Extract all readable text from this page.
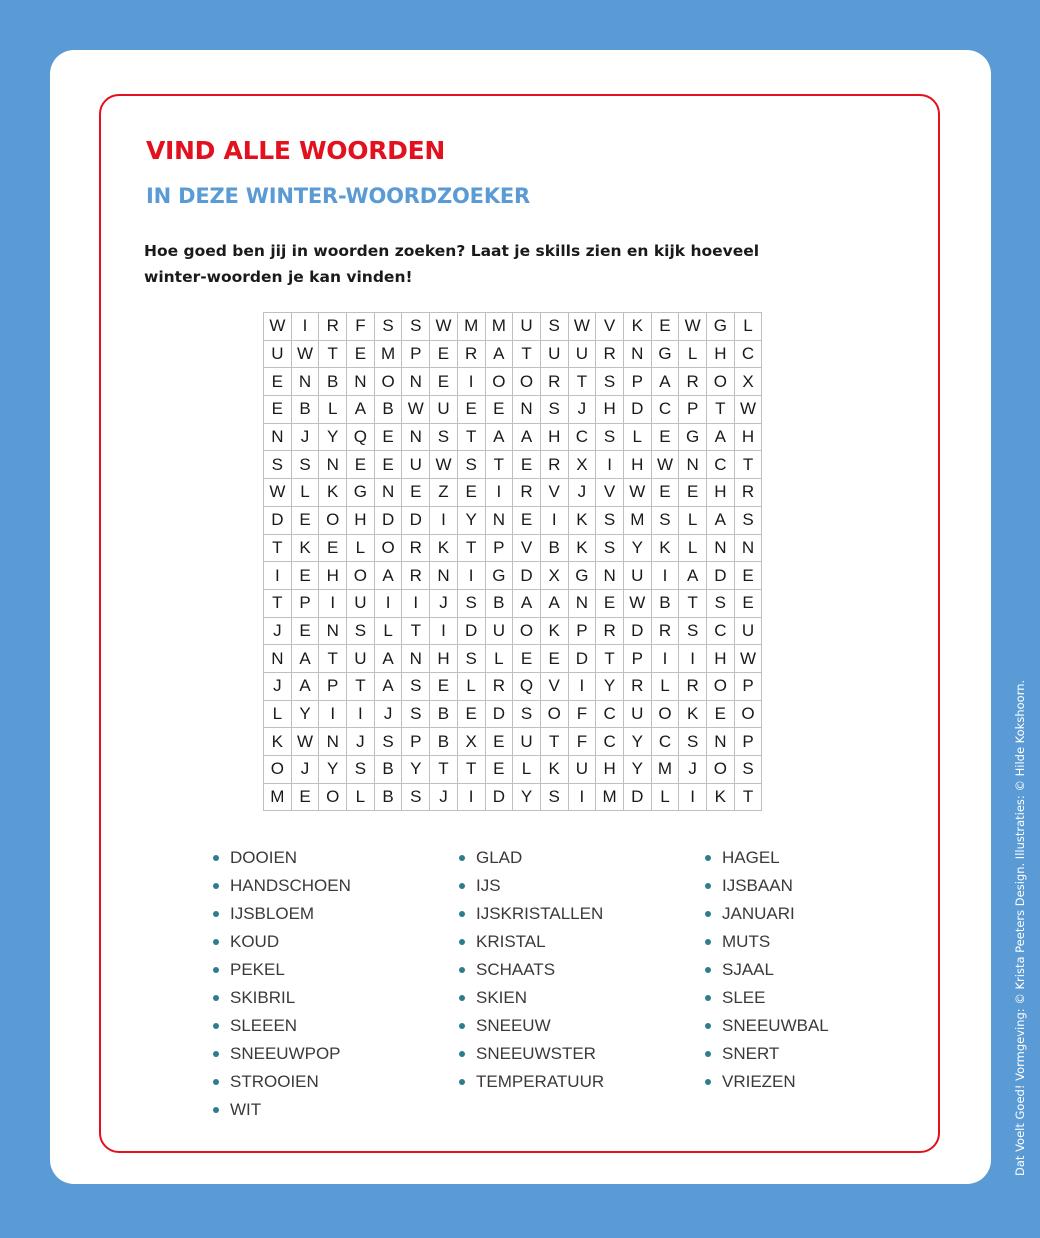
VIND ALLE WOORDEN
IN DEZE WINTER-WOORDZOEKER

Hoe goed ben jij in woorden zoeken? Laat je skills zien en kijk hoeveel winter-woorden je kan vinden!

W	I	R	F	S	S	W	M	M	U	S	W	V	K	E	W	G	L
U	W	T	E	M	P	E	R	A	T	U	U	R	N	G	L	H	C
E	N	B	N	O	N	E	I	O	O	R	T	S	P	A	R	O	X
E	B	L	A	B	W	U	E	E	N	S	J	H	D	C	P	T	W
N	J	Y	Q	E	N	S	T	A	A	H	C	S	L	E	G	A	H
S	S	N	E	E	U	W	S	T	E	R	X	I	H	W	N	C	T
W	L	K	G	N	E	Z	E	I	R	V	J	V	W	E	E	H	R
D	E	O	H	D	D	I	Y	N	E	I	K	S	M	S	L	A	S
T	K	E	L	O	R	K	T	P	V	B	K	S	Y	K	L	N	N
I	E	H	O	A	R	N	I	G	D	X	G	N	U	I	A	D	E
T	P	I	U	I	I	J	S	B	A	A	N	E	W	B	T	S	E
J	E	N	S	L	T	I	D	U	O	K	P	R	D	R	S	C	U
N	A	T	U	A	N	H	S	L	E	E	D	T	P	I	I	H	W
J	A	P	T	A	S	E	L	R	Q	V	I	Y	R	L	R	O	P
L	Y	I	I	J	S	B	E	D	S	O	F	C	U	O	K	E	O
K	W	N	J	S	P	B	X	E	U	T	F	C	Y	C	S	N	P
O	J	Y	S	B	Y	T	T	E	L	K	U	H	Y	M	J	O	S
M	E	O	L	B	S	J	I	D	Y	S	I	M	D	L	I	K	T
DOOIEN
HANDSCHOEN
IJSBLOEM
KOUD
PEKEL
SKIBRIL
SLEEEN
SNEEUWPOP
STROOIEN
WIT
GLAD
IJS
IJSKRISTALLEN
KRISTAL
SCHAATS
SKIEN
SNEEUW
SNEEUWSTER
TEMPERATUUR
HAGEL
IJSBAAN
JANUARI
MUTS
SJAAL
SLEE
SNEEUWBAL
SNERT
VRIEZEN	Dat Voelt Goed! Vormgeving: © Krista Peeters Design. Illustraties: © Hilde Kokshoorn.
